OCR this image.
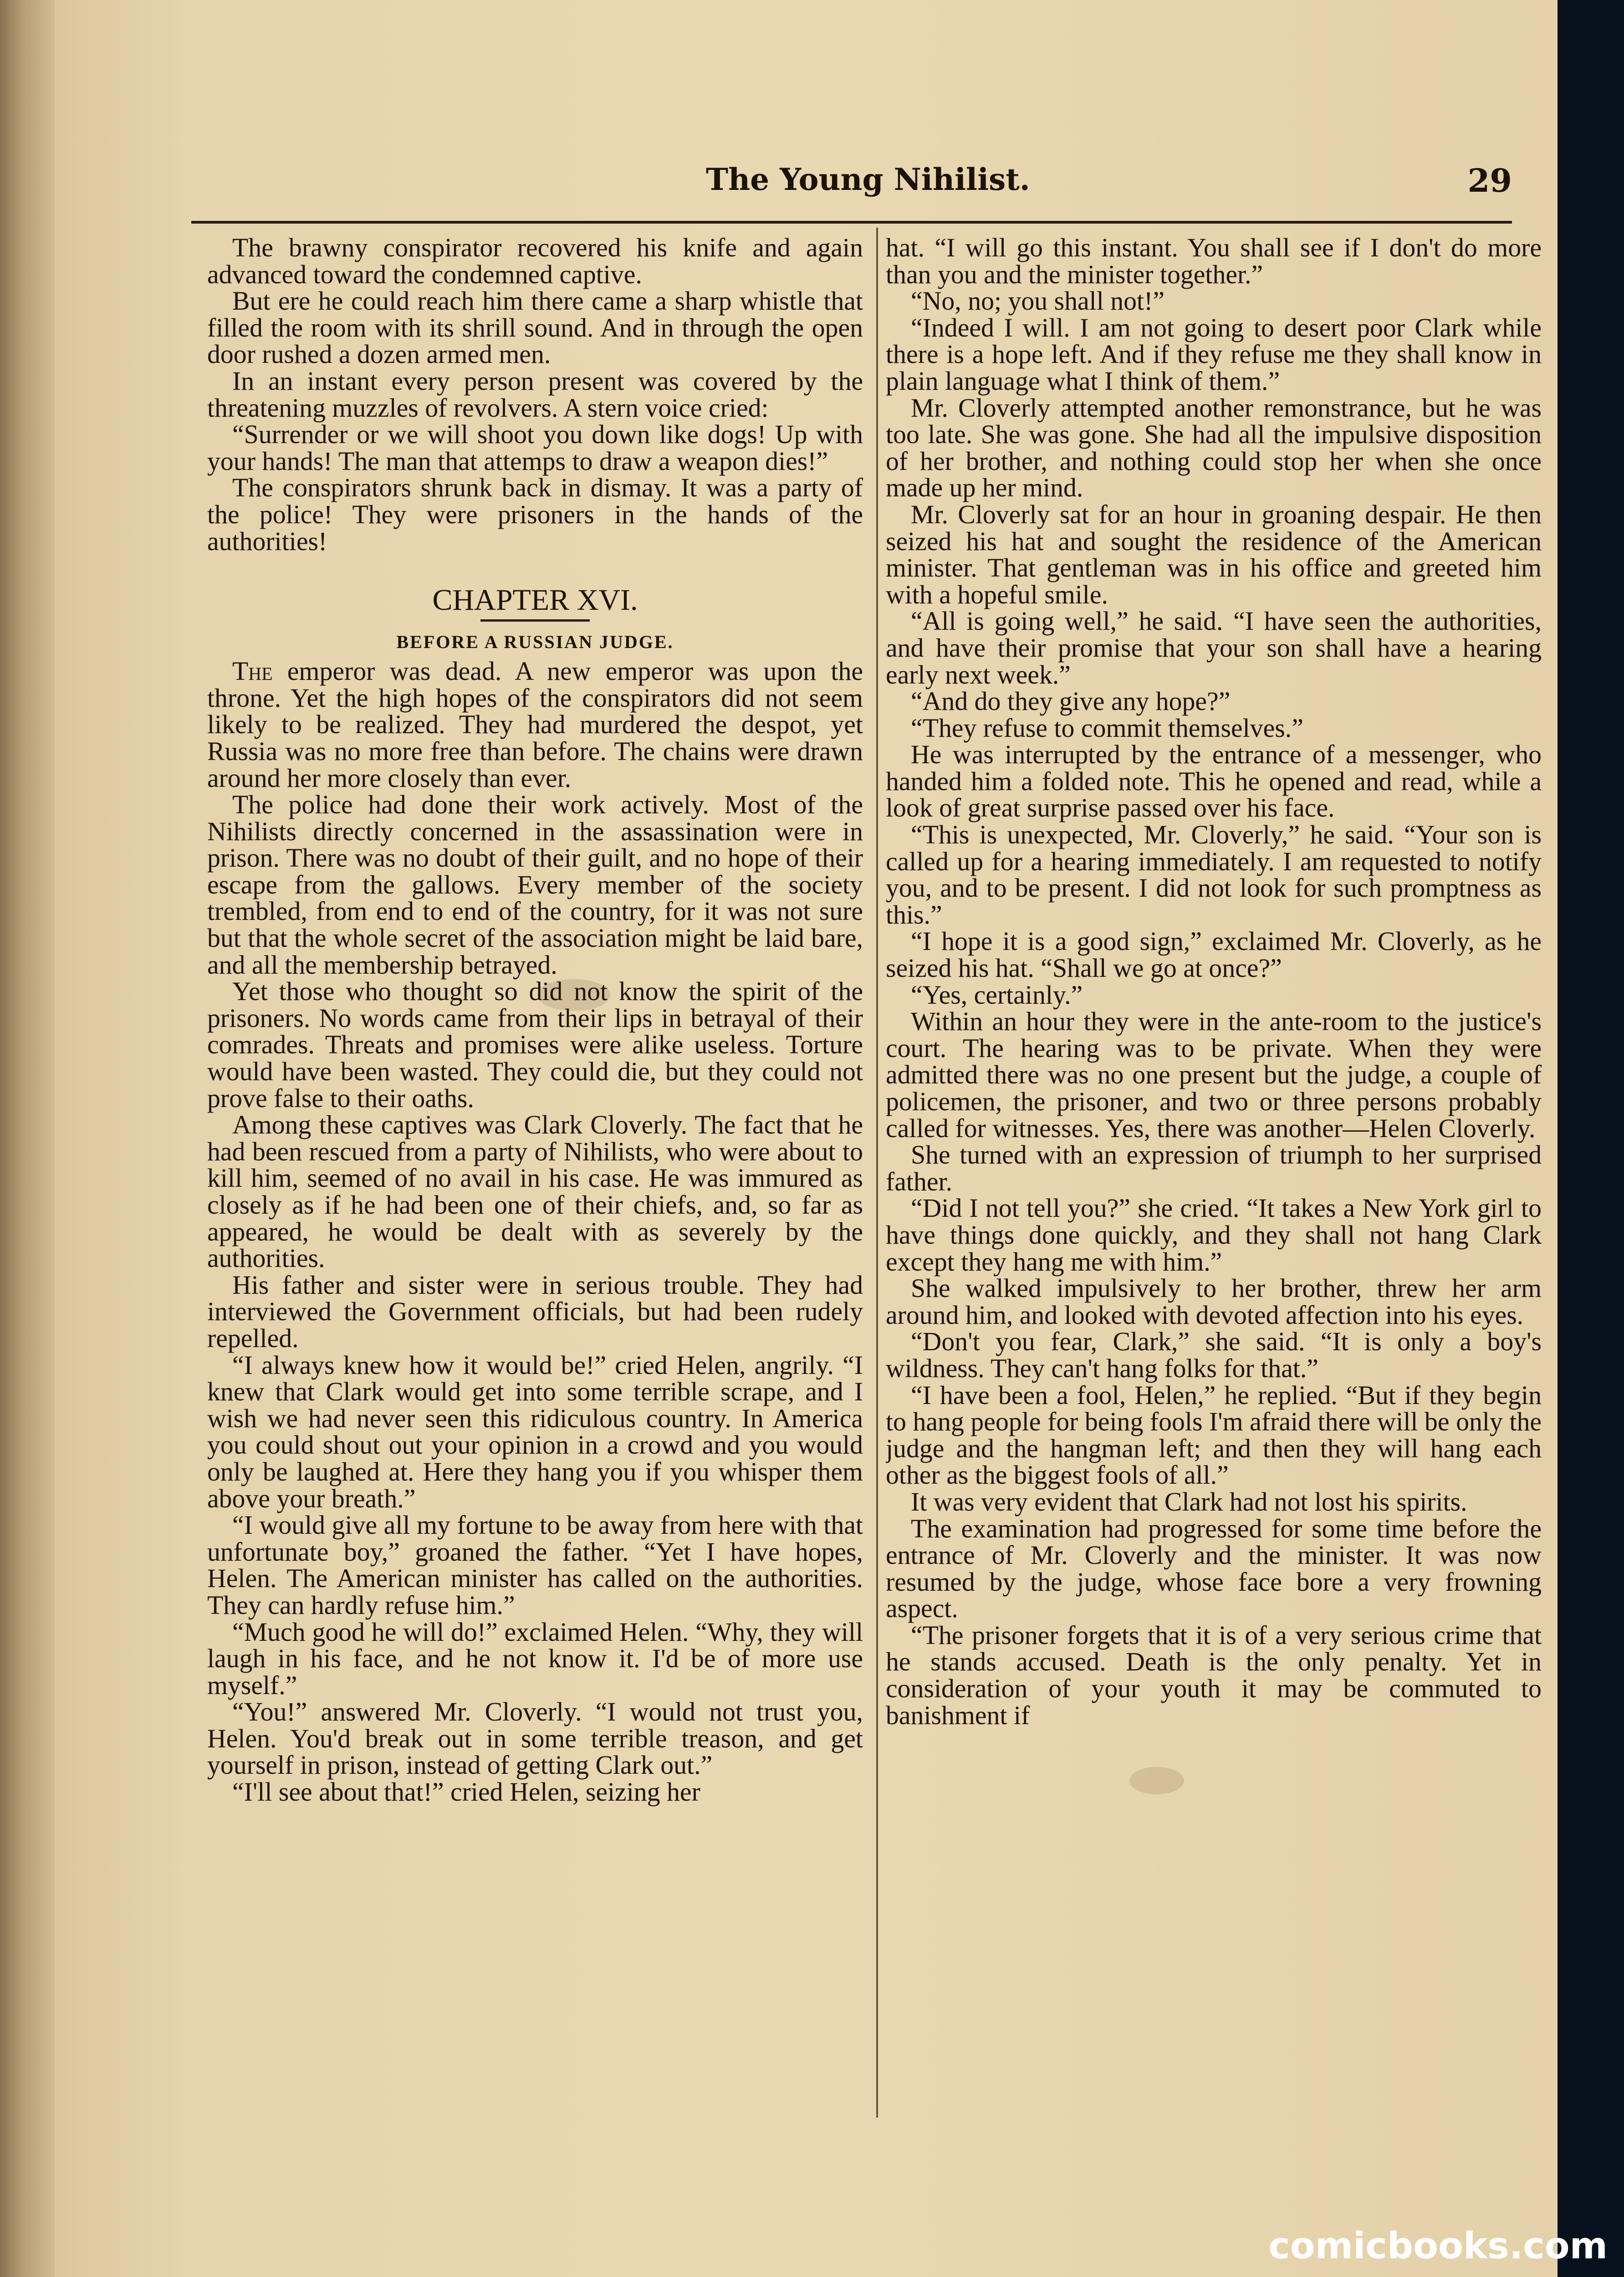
The Young Nihilist.	29

The brawny conspirator recovered his knife and again advanced toward the condemned captive.

But ere he could reach him there came a sharp whistle that filled the room with its shrill sound. And in through the open door rushed a dozen armed men.

In an instant every person present was covered by the threatening muzzles of revolvers. A stern voice cried:

“Surrender or we will shoot you down like dogs! Up with your hands! The man that attemps to draw a weapon dies!”

The conspirators shrunk back in dismay. It was a party of the police! They were prisoners in the hands of the authorities!

CHAPTER XVI.
BEFORE A RUSSIAN JUDGE.

The emperor was dead. A new emperor was upon the throne. Yet the high hopes of the conspirators did not seem likely to be realized. They had murdered the despot, yet Russia was no more free than before. The chains were drawn around her more closely than ever.

The police had done their work actively. Most of the Nihilists directly concerned in the assassination were in prison. There was no doubt of their guilt, and no hope of their escape from the gallows. Every member of the society trembled, from end to end of the country, for it was not sure but that the whole secret of the association might be laid bare, and all the membership betrayed.

Yet those who thought so did not know the spirit of the prisoners. No words came from their lips in betrayal of their comrades. Threats and promises were alike useless. Torture would have been wasted. They could die, but they could not prove false to their oaths.

Among these captives was Clark Cloverly. The fact that he had been rescued from a party of Nihilists, who were about to kill him, seemed of no avail in his case. He was immured as closely as if he had been one of their chiefs, and, so far as appeared, he would be dealt with as severely by the authorities.

His father and sister were in serious trouble. They had interviewed the Government officials, but had been rudely repelled.

“I always knew how it would be!” cried Helen, angrily. “I knew that Clark would get into some terrible scrape, and I wish we had never seen this ridiculous country. In America you could shout out your opinion in a crowd and you would only be laughed at. Here they hang you if you whisper them above your breath.”

“I would give all my fortune to be away from here with that unfortunate boy,” groaned the father. “Yet I have hopes, Helen. The American minister has called on the authorities. They can hardly refuse him.”

“Much good he will do!” exclaimed Helen. “Why, they will laugh in his face, and he not know it. I'd be of more use myself.”

“You!” answered Mr. Cloverly. “I would not trust you, Helen. You'd break out in some terrible treason, and get yourself in prison, instead of getting Clark out.”

“I'll see about that!” cried Helen, seizing her

hat. “I will go this instant. You shall see if I don't do more than you and the minister together.”

“No, no; you shall not!”

“Indeed I will. I am not going to desert poor Clark while there is a hope left. And if they refuse me they shall know in plain language what I think of them.”

Mr. Cloverly attempted another remonstrance, but he was too late. She was gone. She had all the impulsive disposition of her brother, and nothing could stop her when she once made up her mind.

Mr. Cloverly sat for an hour in groaning despair. He then seized his hat and sought the residence of the American minister. That gentleman was in his office and greeted him with a hopeful smile.

“All is going well,” he said. “I have seen the authorities, and have their promise that your son shall have a hearing early next week.”

“And do they give any hope?”

“They refuse to commit themselves.”

He was interrupted by the entrance of a messenger, who handed him a folded note. This he opened and read, while a look of great surprise passed over his face.

“This is unexpected, Mr. Cloverly,” he said. “Your son is called up for a hearing immediately. I am requested to notify you, and to be present. I did not look for such promptness as this.”

“I hope it is a good sign,” exclaimed Mr. Cloverly, as he seized his hat. “Shall we go at once?”

“Yes, certainly.”

Within an hour they were in the ante-room to the justice's court. The hearing was to be private. When they were admitted there was no one present but the judge, a couple of policemen, the prisoner, and two or three persons probably called for witnesses. Yes, there was another—Helen Cloverly.

She turned with an expression of triumph to her surprised father.

“Did I not tell you?” she cried. “It takes a New York girl to have things done quickly, and they shall not hang Clark except they hang me with him.”

She walked impulsively to her brother, threw her arm around him, and looked with devoted affection into his eyes.

“Don't you fear, Clark,” she said. “It is only a boy's wildness. They can't hang folks for that.”

“I have been a fool, Helen,” he replied. “But if they begin to hang people for being fools I'm afraid there will be only the judge and the hangman left; and then they will hang each other as the biggest fools of all.”

It was very evident that Clark had not lost his spirits.

The examination had progressed for some time before the entrance of Mr. Cloverly and the minister. It was now resumed by the judge, whose face bore a very frowning aspect.

“The prisoner forgets that it is of a very serious crime that he stands accused. Death is the only penalty. Yet in consideration of your youth it may be commuted to banishment if

comicbooks.com
